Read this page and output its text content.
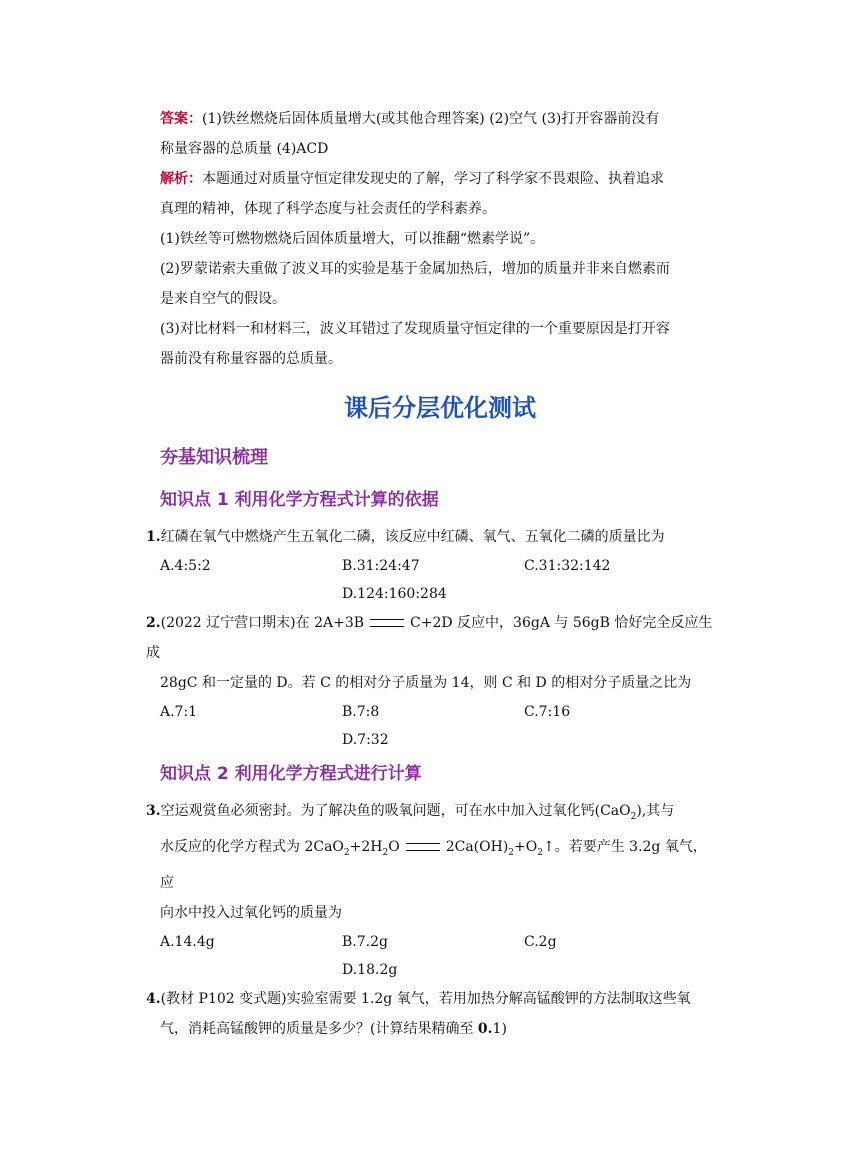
答案：(1)铁丝燃烧后固体质量增大(或其他合理答案) (2)空气 (3)打开容器前没有

称量容器的总质量 (4)ACD

解析：本题通过对质量守恒定律发现史的了解，学习了科学家不畏艰险、执着追求

真理的精神，体现了科学态度与社会责任的学科素养。

(1)铁丝等可燃物燃烧后固体质量增大，可以推翻“燃素学说”。

(2)罗蒙诺索夫重做了波义耳的实验是基于金属加热后，增加的质量并非来自燃素而

是来自空气的假设。

(3)对比材料一和材料三，波义耳错过了发现质量守恒定律的一个重要原因是打开容

器前没有称量容器的总质量。

课后分层优化测试
夯基知识梳理
知识点 1 利用化学方程式计算的依据

1.红磷在氧气中燃烧产生五氧化二磷，该反应中红磷、氧气、五氧化二磷的质量比为

A.4:5:2	B.31:24:47	C.31:32:142
D.124:160:284

2.(2022 辽宁营口期末)在 2A+3B	C+2D 反应中，36gA 与 56gB 恰好完全反应生成

28gC 和一定量的 D。若 C 的相对分子质量为 14，则 C 和 D 的相对分子质量之比为

A.7:1	B.7:8	C.7:16
D.7:32
知识点 2 利用化学方程式进行计算

3.空运观赏鱼必须密封。为了解决鱼的吸氧问题，可在水中加入过氧化钙(CaO$_2$),其与

水反应的化学方程式为 $2CaO_2+2H_2O$	$2Ca(OH)_2+O_2↑$。若要产生 3.2g 氧气，应

向水中投入过氧化钙的质量为

A.14.4g	B.7.2g	C.2g
D.18.2g

4.(教材 P102 变式题)实验室需要 1.2g 氧气，若用加热分解高锰酸钾的方法制取这些氧

气，消耗高锰酸钾的质量是多少？(计算结果精确至 0.1)
